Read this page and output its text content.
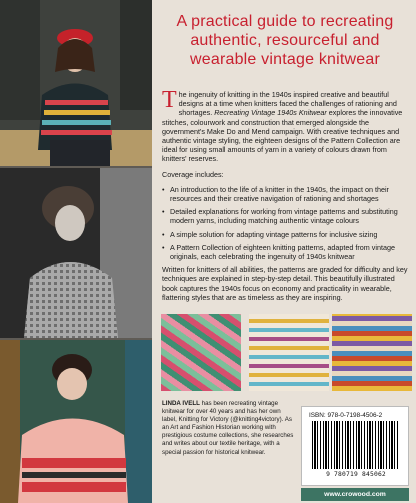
A practical guide to recreating authentic, resourceful and wearable vintage knitwear

The ingenuity of knitting in the 1940s inspired creative and beautiful designs at a time when knitters faced the challenges of rationing and shortages. Recreating Vintage 1940s Knitwear explores the innovative stitches, colourwork and construction that emerged alongside the government's Make Do and Mend campaign. With creative techniques and authentic vintage styling, the eighteen designs of the Pattern Collection are ideal for using small amounts of yarn in a variety of colours drawn from knitters' reserves.

Coverage includes:

• An introduction to the life of a knitter in the 1940s, the impact on their resources and their creative navigation of rationing and shortages
• Detailed explanations for working from vintage patterns and substituting modern yarns, including matching authentic vintage colours
• A simple solution for adapting vintage patterns for inclusive sizing
• A Pattern Collection of eighteen knitting patterns, adapted from vintage originals, each celebrating the ingenuity of 1940s knitwear

Written for knitters of all abilities, the patterns are graded for difficulty and key techniques are explained in step-by-step detail. This beautifully illustrated book captures the 1940s focus on economy and practicality in wearable, flattering styles that are as timeless as they are inspiring.

LINDA IVELL has been recreating vintage knitwear for over 40 years and has her own label, Knitting for Victory (@knitting4victory). As an Art and Fashion Historian working with prestigious costume collections, she researches and writes about our textile heritage, with a special passion for historical knitwear.
ISBN: 978-0-7198-4506-2
9 780719 845062
www.crowood.com
